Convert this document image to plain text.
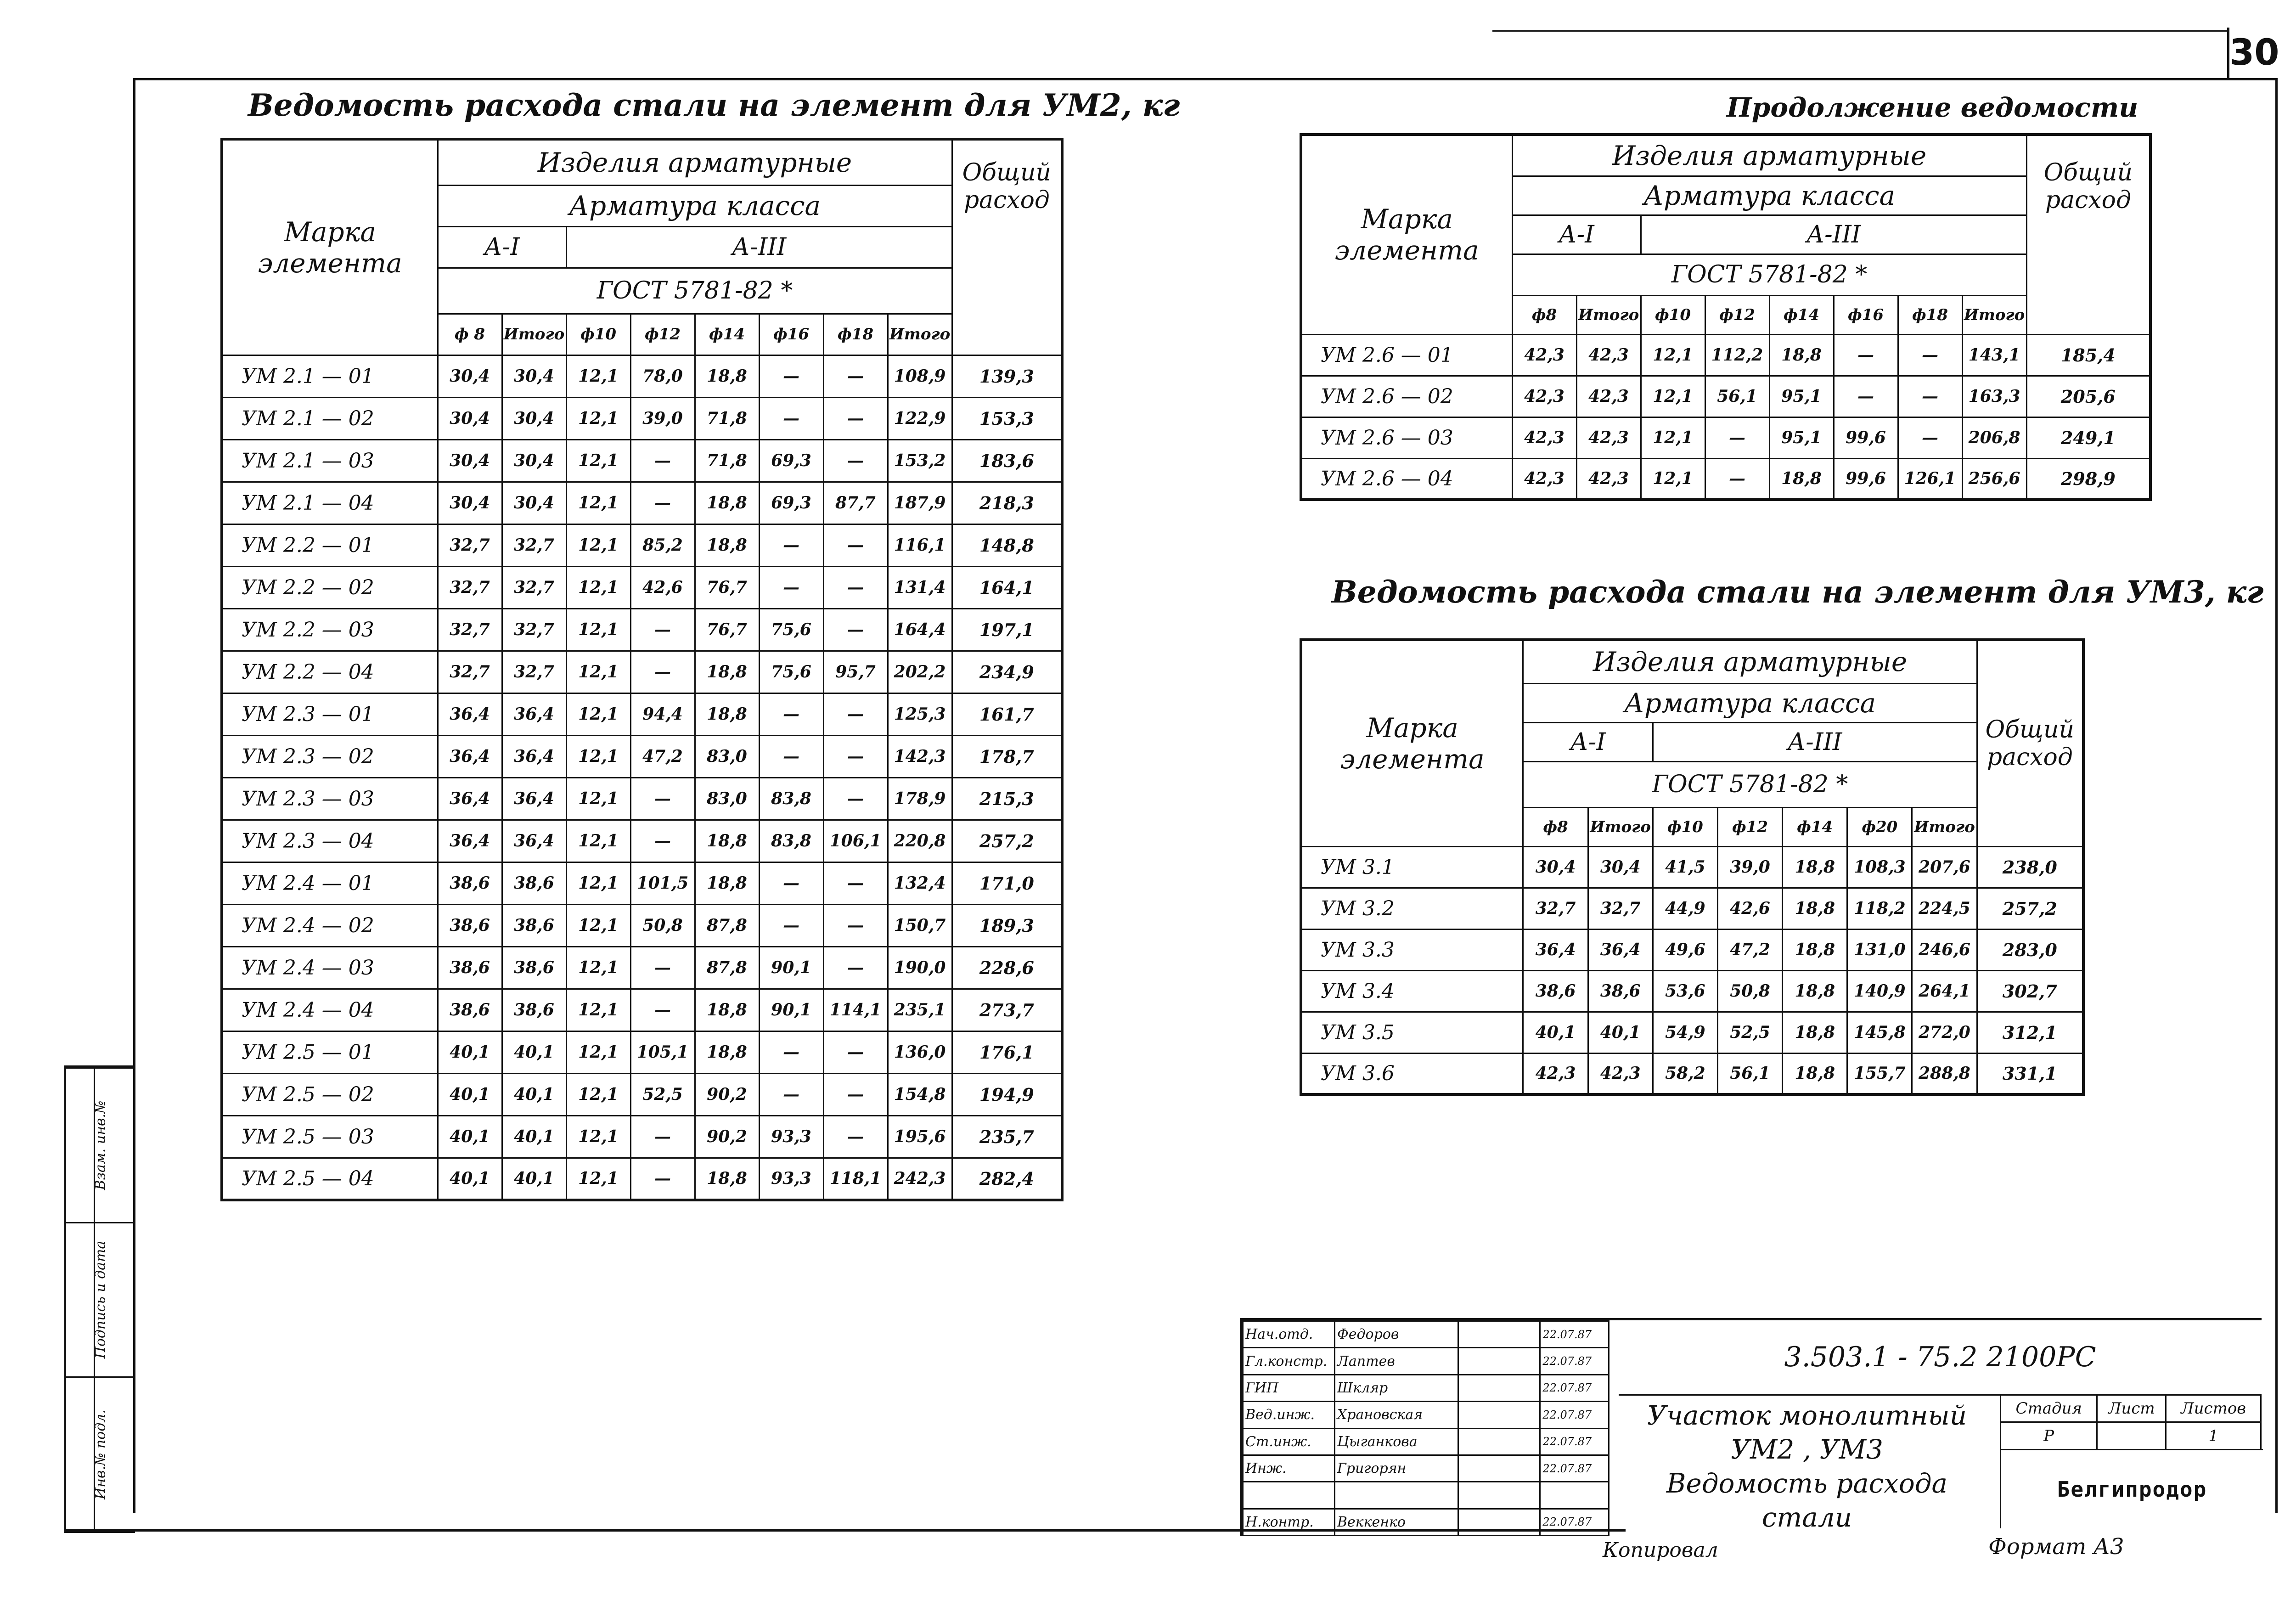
30
Инв.№ подл.
Подпись и дата
Взам. инв.№
Ведомость расхода стали на элемент для УМ2, кг
Марка элемента	Изделия арматурные								Общий расход
	Арматура класса								
	А-I		А-III						
	ГОСТ 5781-82 *								
	ф 8	Итого	ф10	ф12	ф14	ф16	ф18	Итого	
УМ 2.1 — 01	30,4	30,4	12,1	78,0	18,8	—	—	108,9	139,3
УМ 2.1 — 02	30,4	30,4	12,1	39,0	71,8	—	—	122,9	153,3
УМ 2.1 — 03	30,4	30,4	12,1	—	71,8	69,3	—	153,2	183,6
УМ 2.1 — 04	30,4	30,4	12,1	—	18,8	69,3	87,7	187,9	218,3
УМ 2.2 — 01	32,7	32,7	12,1	85,2	18,8	—	—	116,1	148,8
УМ 2.2 — 02	32,7	32,7	12,1	42,6	76,7	—	—	131,4	164,1
УМ 2.2 — 03	32,7	32,7	12,1	—	76,7	75,6	—	164,4	197,1
УМ 2.2 — 04	32,7	32,7	12,1	—	18,8	75,6	95,7	202,2	234,9
УМ 2.3 — 01	36,4	36,4	12,1	94,4	18,8	—	—	125,3	161,7
УМ 2.3 — 02	36,4	36,4	12,1	47,2	83,0	—	—	142,3	178,7
УМ 2.3 — 03	36,4	36,4	12,1	—	83,0	83,8	—	178,9	215,3
УМ 2.3 — 04	36,4	36,4	12,1	—	18,8	83,8	106,1	220,8	257,2
УМ 2.4 — 01	38,6	38,6	12,1	101,5	18,8	—	—	132,4	171,0
УМ 2.4 — 02	38,6	38,6	12,1	50,8	87,8	—	—	150,7	189,3
УМ 2.4 — 03	38,6	38,6	12,1	—	87,8	90,1	—	190,0	228,6
УМ 2.4 — 04	38,6	38,6	12,1	—	18,8	90,1	114,1	235,1	273,7
УМ 2.5 — 01	40,1	40,1	12,1	105,1	18,8	—	—	136,0	176,1
УМ 2.5 — 02	40,1	40,1	12,1	52,5	90,2	—	—	154,8	194,9
УМ 2.5 — 03	40,1	40,1	12,1	—	90,2	93,3	—	195,6	235,7
УМ 2.5 — 04	40,1	40,1	12,1	—	18,8	93,3	118,1	242,3	282,4
Продолжение ведомости
Марка элемента	Изделия арматурные								Общий расход
	Арматура класса								
	А-I		А-III						
	ГОСТ 5781-82 *								
	ф8	Итого	ф10	ф12	ф14	ф16	ф18	Итого	
УМ 2.6 — 01	42,3	42,3	12,1	112,2	18,8	—	—	143,1	185,4
УМ 2.6 — 02	42,3	42,3	12,1	56,1	95,1	—	—	163,3	205,6
УМ 2.6 — 03	42,3	42,3	12,1	—	95,1	99,6	—	206,8	249,1
УМ 2.6 — 04	42,3	42,3	12,1	—	18,8	99,6	126,1	256,6	298,9
Ведомость расхода стали на элемент для УМ3, кг
Марка элемента	Изделия арматурные							Общий расход
	Арматура класса							
	А-I		А-III					
	ГОСТ 5781-82 *							
	ф8	Итого	ф10	ф12	ф14	ф20	Итого	
УМ 3.1	30,4	30,4	41,5	39,0	18,8	108,3	207,6	238,0
УМ 3.2	32,7	32,7	44,9	42,6	18,8	118,2	224,5	257,2
УМ 3.3	36,4	36,4	49,6	47,2	18,8	131,0	246,6	283,0
УМ 3.4	38,6	38,6	53,6	50,8	18,8	140,9	264,1	302,7
УМ 3.5	40,1	40,1	54,9	52,5	18,8	145,8	272,0	312,1
УМ 3.6	42,3	42,3	58,2	56,1	18,8	155,7	288,8	331,1
Нач.отд.	Федоров		22.07.87
Гл.констр.	Лаптев		22.07.87
ГИП	Шкляр		22.07.87
Вед.инж.	Храновская		22.07.87
Ст.инж.	Цыганкова		22.07.87
Инж.	Григорян		22.07.87

Н.контр.	Веккенко		22.07.87
3.503.1 - 75.2 2100РС
Участок монолитный
УМ2 , УМ3
Ведомость расхода стали
Стадия	Лист	Листов
Р		1
Белгипродор
Копировал	Формат А3
